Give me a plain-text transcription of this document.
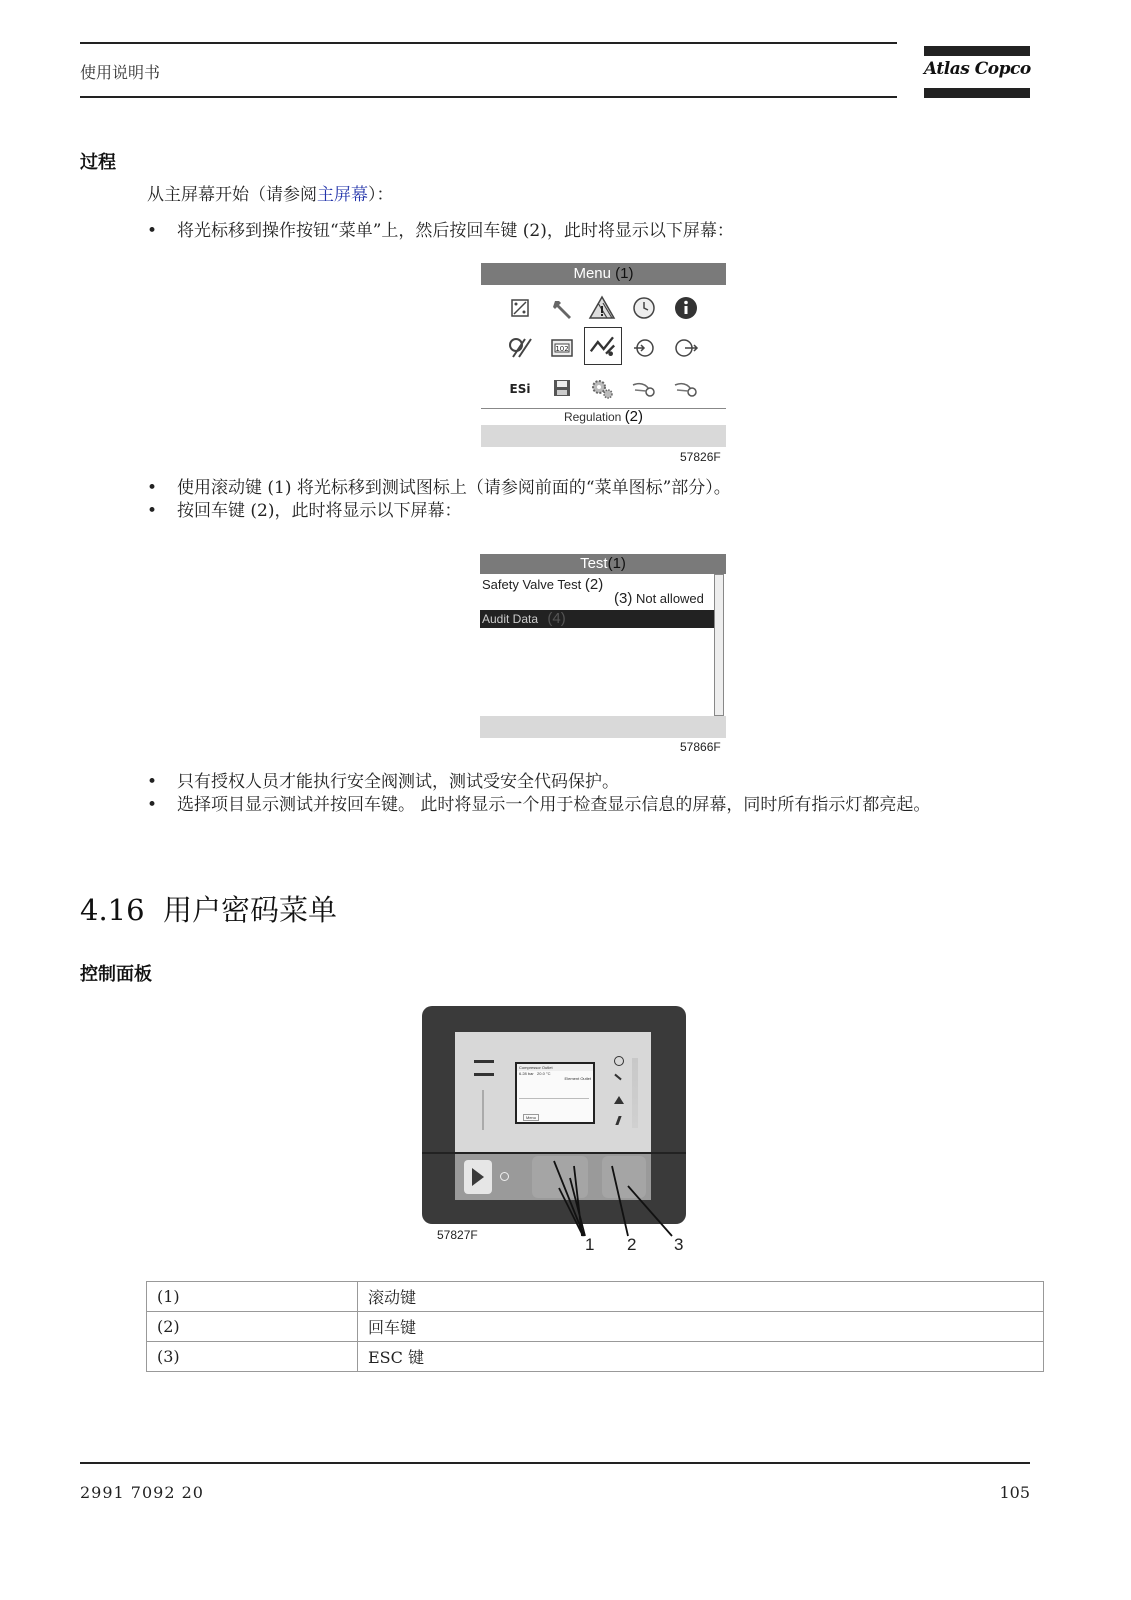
使用说明书	Atlas Copco
过程
从主屏幕开始（请参阅主屏幕）：
• 将光标移到操作按钮“菜单”上，然后按回车键 (2)，此时将显示以下屏幕：
Menu (1)
102
ESi
Regulation (2)
57826F
• 使用滚动键 (1) 将光标移到测试图标上（请参阅前面的“菜单图标”部分）。
• 按回车键 (2)，此时将显示以下屏幕：
Test(1)
Safety Valve Test (2)
(3) Not allowed
Audit Data (4)
57866F
• 只有授权人员才能执行安全阀测试，测试受安全代码保护。
• 选择项目显示测试并按回车键。 此时将显示一个用于检查显示信息的屏幕，同时所有指示灯都亮起。
4.16 用户密码菜单
控制面板
Compressor Outlet
6.28 bar 20.0 °C
Element Outlet
Menu
57827F	1 2 3
(1)	滚动键
(2)	回车键
(3)	ESC 键
2991 7092 20	105
